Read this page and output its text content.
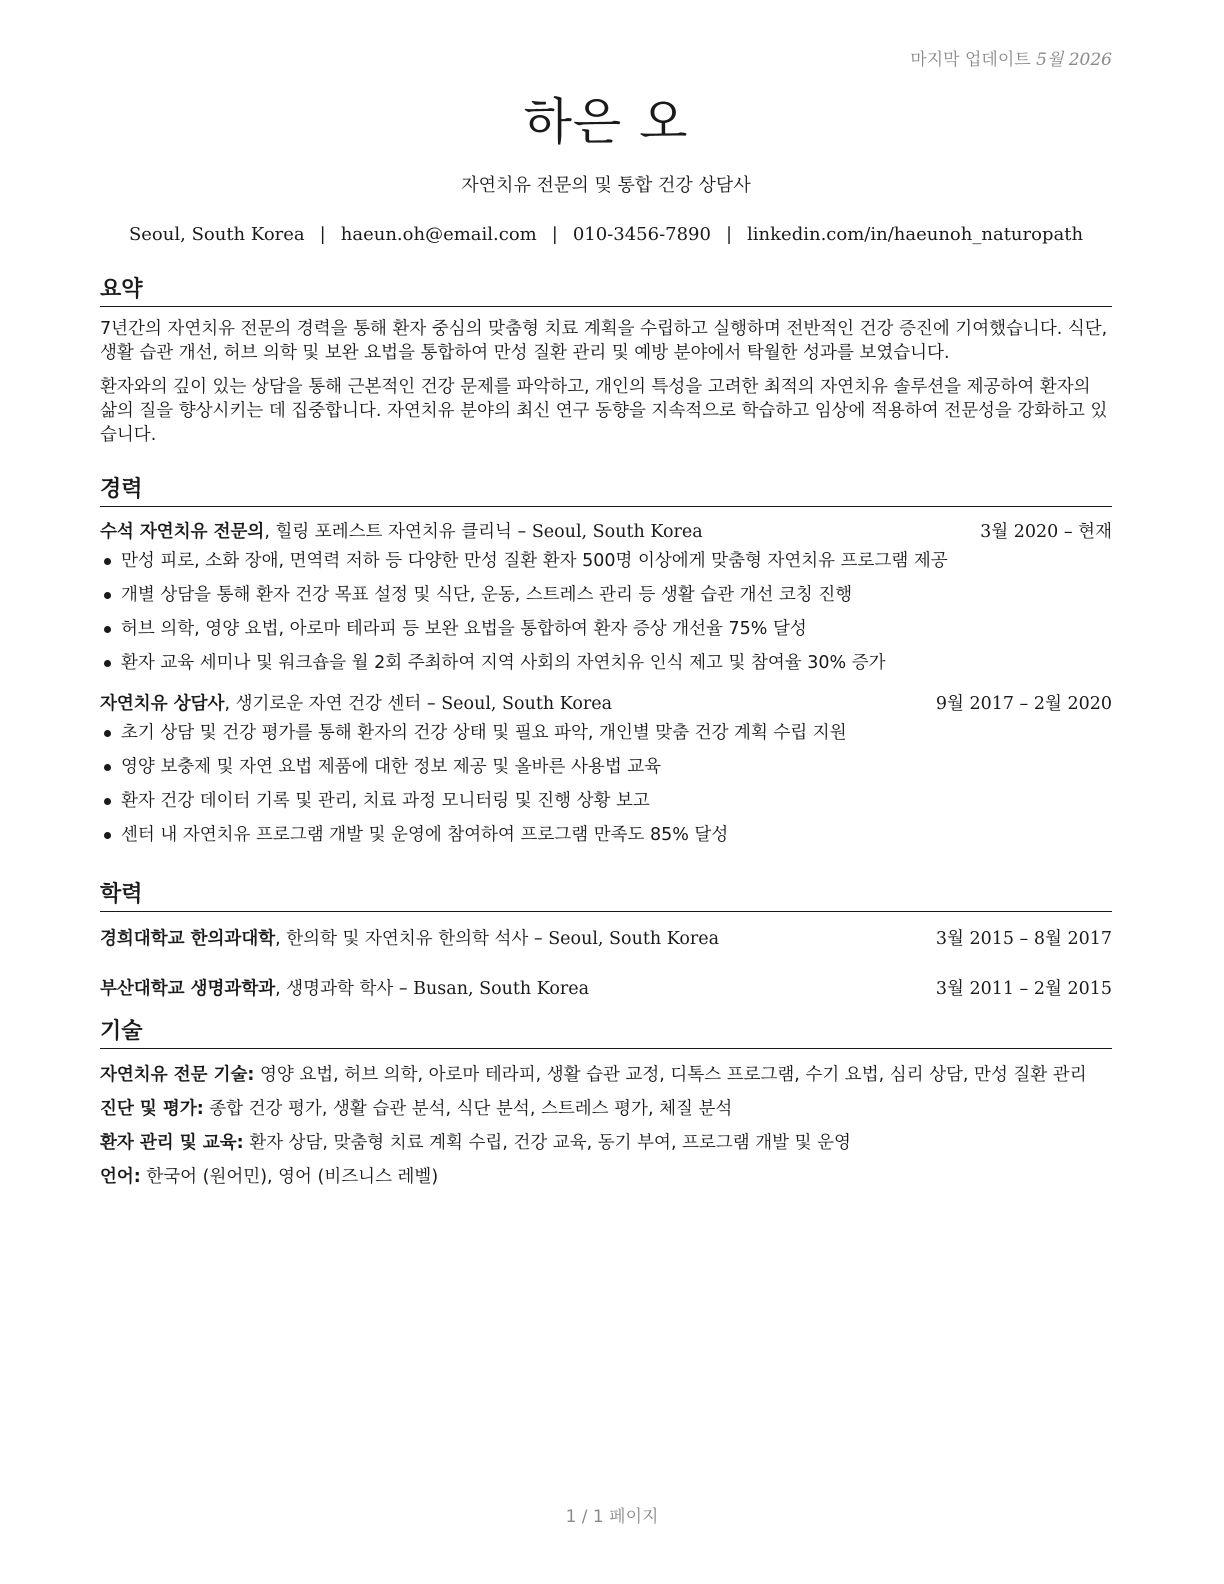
마지막 업데이트 5월 2026
하은 오

자연치유 전문의 및 통합 건강 상담사

Seoul, South Korea | haeun.oh@email.com | 010-3456-7890 | linkedin.com/in/haeunoh_naturopath
요약

7년간의 자연치유 전문의 경력을 통해 환자 중심의 맞춤형 치료 계획을 수립하고 실행하며 전반적인 건강 증진에 기여했습니다. 식단, 생활 습관 개선, 허브 의학 및 보완 요법을 통합하여 만성 질환 관리 및 예방 분야에서 탁월한 성과를 보였습니다.

환자와의 깊이 있는 상담을 통해 근본적인 건강 문제를 파악하고, 개인의 특성을 고려한 최적의 자연치유 솔루션을 제공하여 환자의 삶의 질을 향상시키는 데 집중합니다. 자연치유 분야의 최신 연구 동향을 지속적으로 학습하고 임상에 적용하여 전문성을 강화하고 있습니다.

경력
수석 자연치유 전문의, 힐링 포레스트 자연치유 클리닉 – Seoul, South Korea	3월 2020 – 현재
만성 피로, 소화 장애, 면역력 저하 등 다양한 만성 질환 환자 500명 이상에게 맞춤형 자연치유 프로그램 제공
개별 상담을 통해 환자 건강 목표 설정 및 식단, 운동, 스트레스 관리 등 생활 습관 개선 코칭 진행
허브 의학, 영양 요법, 아로마 테라피 등 보완 요법을 통합하여 환자 증상 개선율 75% 달성
환자 교육 세미나 및 워크숍을 월 2회 주최하여 지역 사회의 자연치유 인식 제고 및 참여율 30% 증가
자연치유 상담사, 생기로운 자연 건강 센터 – Seoul, South Korea	9월 2017 – 2월 2020
초기 상담 및 건강 평가를 통해 환자의 건강 상태 및 필요 파악, 개인별 맞춤 건강 계획 수립 지원
영양 보충제 및 자연 요법 제품에 대한 정보 제공 및 올바른 사용법 교육
환자 건강 데이터 기록 및 관리, 치료 과정 모니터링 및 진행 상황 보고
센터 내 자연치유 프로그램 개발 및 운영에 참여하여 프로그램 만족도 85% 달성
학력
경희대학교 한의과대학, 한의학 및 자연치유 한의학 석사 – Seoul, South Korea	3월 2015 – 8월 2017
부산대학교 생명과학과, 생명과학 학사 – Busan, South Korea	3월 2011 – 2월 2015
기술

자연치유 전문 기술: 영양 요법, 허브 의학, 아로마 테라피, 생활 습관 교정, 디톡스 프로그램, 수기 요법, 심리 상담, 만성 질환 관리

진단 및 평가: 종합 건강 평가, 생활 습관 분석, 식단 분석, 스트레스 평가, 체질 분석

환자 관리 및 교육: 환자 상담, 맞춤형 치료 계획 수립, 건강 교육, 동기 부여, 프로그램 개발 및 운영

언어: 한국어 (원어민), 영어 (비즈니스 레벨)

1 / 1 페이지
